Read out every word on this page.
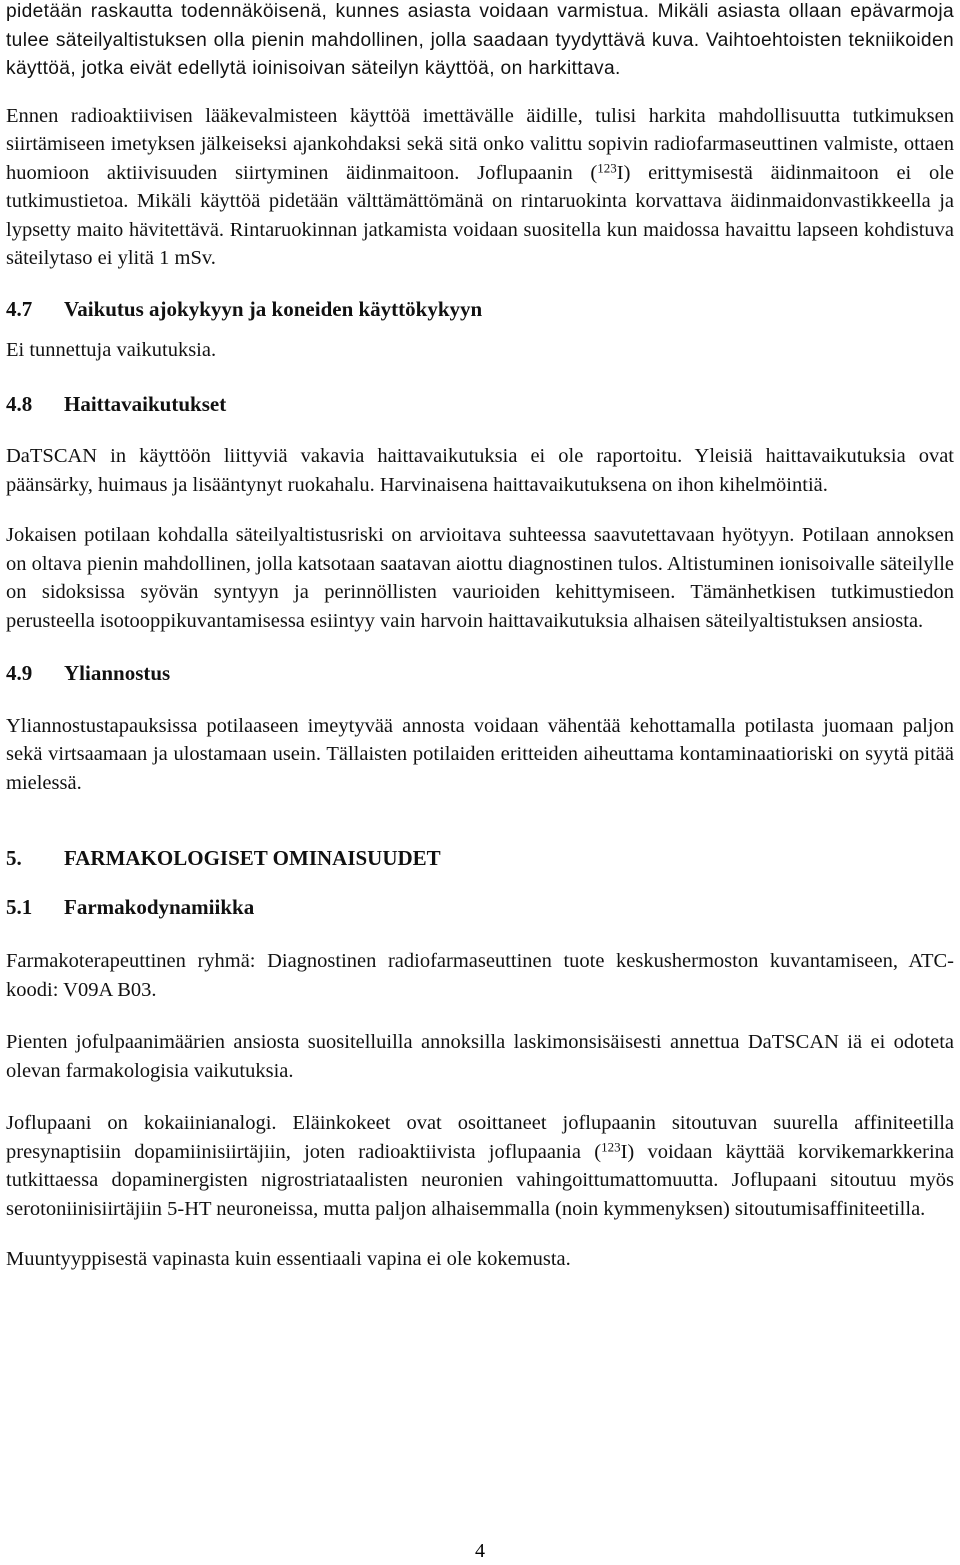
pidetään raskautta todennäköisenä, kunnes asiasta voidaan varmistua. Mikäli asiasta ollaan epävarmoja tulee säteilyaltistuksen olla pienin mahdollinen, jolla saadaan tyydyttävä kuva. Vaihtoehtoisten tekniikoiden käyttöä, jotka eivät edellytä ioinisoivan säteilyn käyttöä, on harkittava.

Ennen radioaktiivisen lääkevalmisteen käyttöä imettävälle äidille, tulisi harkita mahdollisuutta tutkimuksen siirtämiseen imetyksen jälkeiseksi ajankohdaksi sekä sitä onko valittu sopivin radiofarmaseuttinen valmiste, ottaen huomioon aktiivisuuden siirtyminen äidinmaitoon. Joflupaanin ($^{123}$I) erittymisestä äidinmaitoon ei ole tutkimustietoa. Mikäli käyttöä pidetään välttämättömänä on rintaruokinta korvattava äidinmaidonvastikkeella ja lypsetty maito hävitettävä. Rintaruokinnan jatkamista voidaan suositella kun maidossa havaittu lapseen kohdistuva säteilytaso ei ylitä 1 mSv.

4.7 Vaikutus ajokykyyn ja koneiden käyttökykyyn

Ei tunnettuja vaikutuksia.

4.8 Haittavaikutukset

DaTSCAN in käyttöön liittyviä vakavia haittavaikutuksia ei ole raportoitu. Yleisiä haittavaikutuksia ovat päänsärky, huimaus ja lisääntynyt ruokahalu. Harvinaisena haittavaikutuksena on ihon kihelmöintiä.

Jokaisen potilaan kohdalla säteilyaltistusriski on arvioitava suhteessa saavutettavaan hyötyyn. Potilaan annoksen on oltava pienin mahdollinen, jolla katsotaan saatavan aiottu diagnostinen tulos. Altistuminen ionisoivalle säteilylle on sidoksissa syövän syntyyn ja perinnöllisten vaurioiden kehittymiseen. Tämänhetkisen tutkimustiedon perusteella isotooppikuvantamisessa esiintyy vain harvoin haittavaikutuksia alhaisen säteilyaltistuksen ansiosta.

4.9 Yliannostus

Yliannostustapauksissa potilaaseen imeytyvää annosta voidaan vähentää kehottamalla potilasta juomaan paljon sekä virtsaamaan ja ulostamaan usein. Tällaisten potilaiden eritteiden aiheuttama kontaminaatioriski on syytä pitää mielessä.

5. FARMAKOLOGISET OMINAISUUDET
5.1 Farmakodynamiikka

Farmakoterapeuttinen ryhmä: Diagnostinen radiofarmaseuttinen tuote keskushermoston kuvantamiseen, ATC-koodi: V09A B03.

Pienten jofulpaanimäärien ansiosta suositelluilla annoksilla laskimonsisäisesti annettua DaTSCAN iä ei odoteta olevan farmakologisia vaikutuksia.

Joflupaani on kokaiinianalogi. Eläinkokeet ovat osoittaneet joflupaanin sitoutuvan suurella affiniteetilla presynaptisiin dopamiinisiirtäjiin, joten radioaktiivista joflupaania ($^{123}$I) voidaan käyttää korvikemarkkerina tutkittaessa dopaminergisten nigrostriataalisten neuronien vahingoittumattomuutta. Joflupaani sitoutuu myös serotoniinisiirtäjiin 5-HT neuroneissa, mutta paljon alhaisemmalla (noin kymmenyksen) sitoutumisaffiniteetilla.

Muuntyyppisestä vapinasta kuin essentiaali vapina ei ole kokemusta.

4
